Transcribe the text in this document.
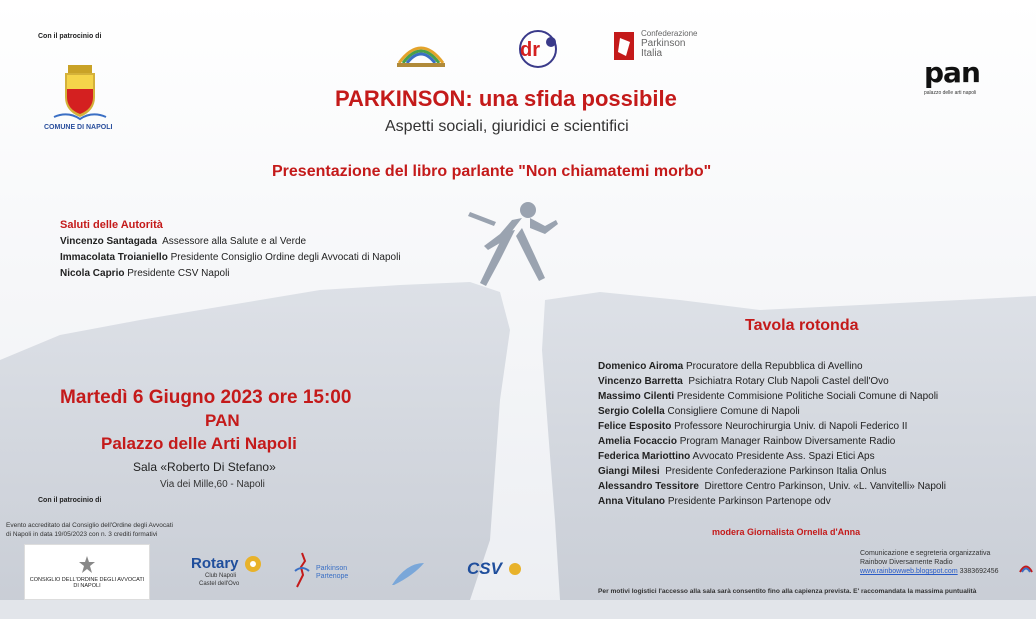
Con il patrocinio di
COMUNE DI NAPOLI
dr
Confederazione
Parkinson
Italia
pan
palazzo delle arti napoli
PARKINSON: una sfida possibile
Aspetti sociali, giuridici e scientifici
Presentazione del libro parlante "Non chiamatemi morbo"
Saluti delle Autorità
Vincenzo Santagada Assessore alla Salute e al Verde
Immacolata Troianiello Presidente Consiglio Ordine degli Avvocati di Napoli
Nicola Caprio Presidente CSV Napoli
Tavola rotonda
Domenico Airoma Procuratore della Repubblica di Avellino
Vincenzo Barretta Psichiatra Rotary Club Napoli Castel dell'Ovo
Massimo Cilenti Presidente Commisione Politiche Sociali Comune di Napoli
Sergio Colella Consigliere Comune di Napoli
Felice Esposito Professore Neurochirurgia Univ. di Napoli Federico II
Amelia Focaccio Program Manager Rainbow Diversamente Radio
Federica Mariottino Avvocato Presidente Ass. Spazi Etici Aps
Giangi Milesi Presidente Confederazione Parkinson Italia Onlus
Alessandro Tessitore Direttore Centro Parkinson, Univ. «L. Vanvitelli» Napoli
Anna Vitulano Presidente Parkinson Partenope odv
modera Giornalista Ornella d'Anna
Martedì 6 Giugno 2023 ore 15:00
PAN
Palazzo delle Arti Napoli
Sala «Roberto Di Stefano»
Via dei Mille,60 - Napoli
Con il patrocinio di
Evento accreditato dal Consiglio dell'Ordine degli Avvocati
di Napoli in data 19/05/2023 con n. 3 crediti formativi
CONSIGLIO DELL'ORDINE DEGLI AVVOCATI
DI NAPOLI
Rotary
Club Napoli
Castel dell'Ovo
Parkinson Partenope	CSV
Comunicazione e segreteria organizzativa
Rainbow Diversamente Radio
www.rainbowweb.blogspot.com 3383692456
Per motivi logistici l'accesso alla sala sarà consentito fino alla capienza prevista. E' raccomandata la massima puntualità
